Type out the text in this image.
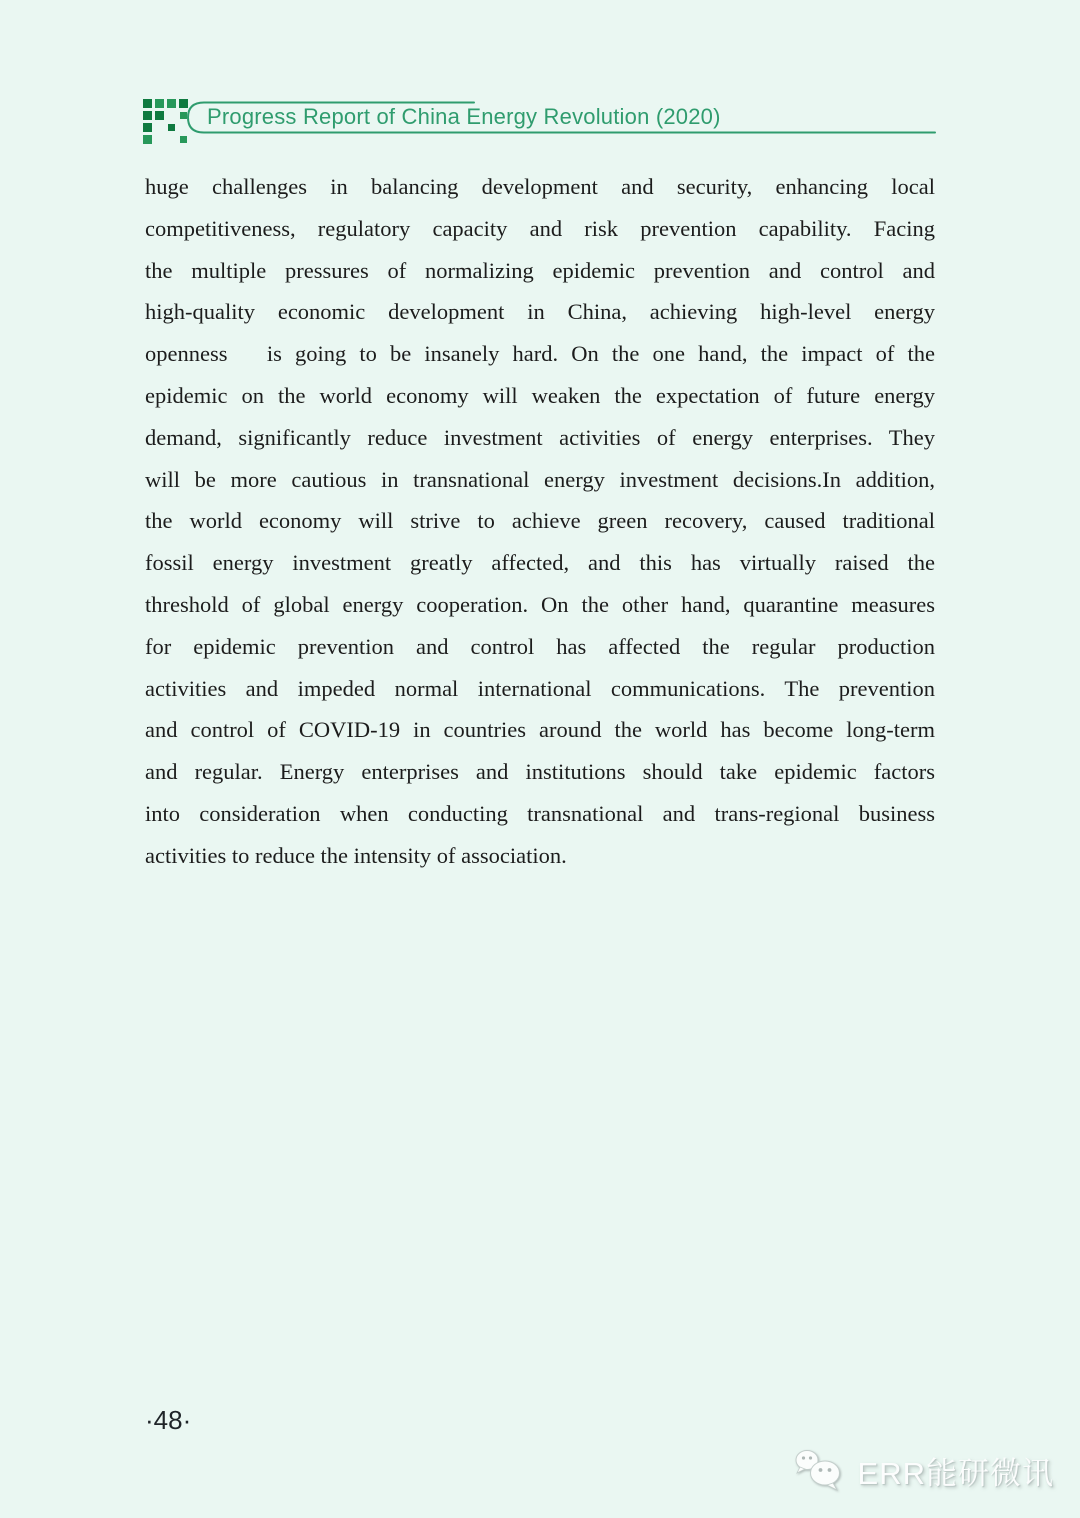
Progress Report of China Energy Revolution (2020)
huge challenges in balancing development and security, enhancing local
competitiveness, regulatory capacity and risk prevention capability. Facing
the multiple pressures of normalizing epidemic prevention and control and
high-quality economic development in China, achieving high-level energy
openness   is going to be insanely hard. On the one hand, the impact of the
epidemic on the world economy will weaken the expectation of future energy
demand, significantly reduce investment activities of energy enterprises. They
will be more cautious in transnational energy investment decisions.In addition,
the world economy will strive to achieve green recovery, caused traditional
fossil energy investment greatly affected, and this has virtually raised the
threshold of global energy cooperation. On the other hand, quarantine measures
for epidemic prevention and control has affected the regular production
activities and impeded normal international communications. The prevention
and control of COVID-19 in countries around the world has become long-term
and regular. Energy enterprises and institutions should take epidemic factors
into consideration when conducting transnational and trans-regional business
activities to reduce the intensity of association.
·48·
ERR能研微讯
